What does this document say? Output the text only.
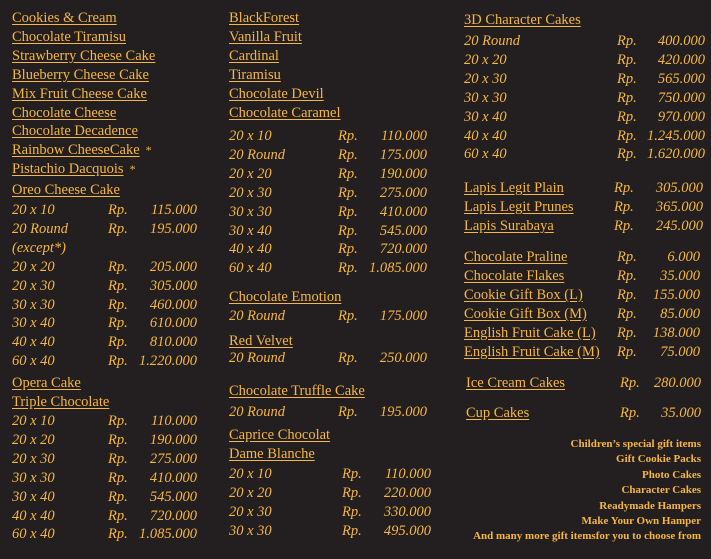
Cookies & Cream
Chocolate Tiramisu
Strawberry Cheese Cake
Blueberry Cheese Cake
Mix Fruit Cheese Cake
Chocolate Cheese
Chocolate Decadence
Rainbow CheeseCake *
Pistachio Dacquois *
Oreo Cheese Cake
20 x 10	Rp. 115.000
20 Round	Rp. 195.000
(except*)
20 x 20	Rp. 205.000
20 x 30	Rp. 305.000
30 x 30	Rp. 460.000
30 x 40	Rp. 610.000
40 x 40	Rp. 810.000
60 x 40	Rp. 1.220.000
Opera Cake
Triple Chocolate
20 x 10	Rp. 110.000
20 x 20	Rp. 190.000
20 x 30	Rp. 275.000
30 x 30	Rp. 410.000
30 x 40	Rp. 545.000
40 x 40	Rp. 720.000
60 x 40	Rp. 1.085.000
BlackForest
Vanilla Fruit
Cardinal
Tiramisu
Chocolate Devil
Chocolate Caramel
20 x 10	Rp. 110.000
20 Round	Rp. 175.000
20 x 20	Rp. 190.000
20 x 30	Rp. 275.000
30 x 30	Rp. 410.000
30 x 40	Rp. 545.000
40 x 40	Rp. 720.000
60 x 40	Rp. 1.085.000
Chocolate Emotion
20 Round	Rp. 175.000
Red Velvet
20 Round	Rp. 250.000
Chocolate Truffle Cake
20 Round	Rp. 195.000
Caprice Chocolat
Dame Blanche
20 x 10	Rp. 110.000
20 x 20	Rp. 220.000
20 x 30	Rp. 330.000
30 x 30	Rp. 495.000
3D Character Cakes
20 Round	Rp. 400.000
20 x 20	Rp. 420.000
20 x 30	Rp. 565.000
30 x 30	Rp. 750.000
30 x 40	Rp. 970.000
40 x 40	Rp. 1.245.000
60 x 40	Rp. 1.620.000
Lapis Legit Plain	Rp. 305.000
Lapis Legit Prunes	Rp. 365.000
Lapis Surabaya	Rp. 245.000
Chocolate Praline	Rp. 6.000
Chocolate Flakes	Rp. 35.000
Cookie Gift Box (L) Rp. 155.000
Cookie Gift Box (M) Rp. 85.000
English Fruit Cake (L) Rp. 138.000
English Fruit Cake (M) Rp. 75.000
Ice Cream Cakes	Rp. 280.000
Cup Cakes	Rp. 35.000
Children’s special gift items
Gift Cookie Packs
Photo Cakes
Character Cakes
Readymade Hampers
Make Your Own Hamper
And many more gift itemsfor you to choose from
